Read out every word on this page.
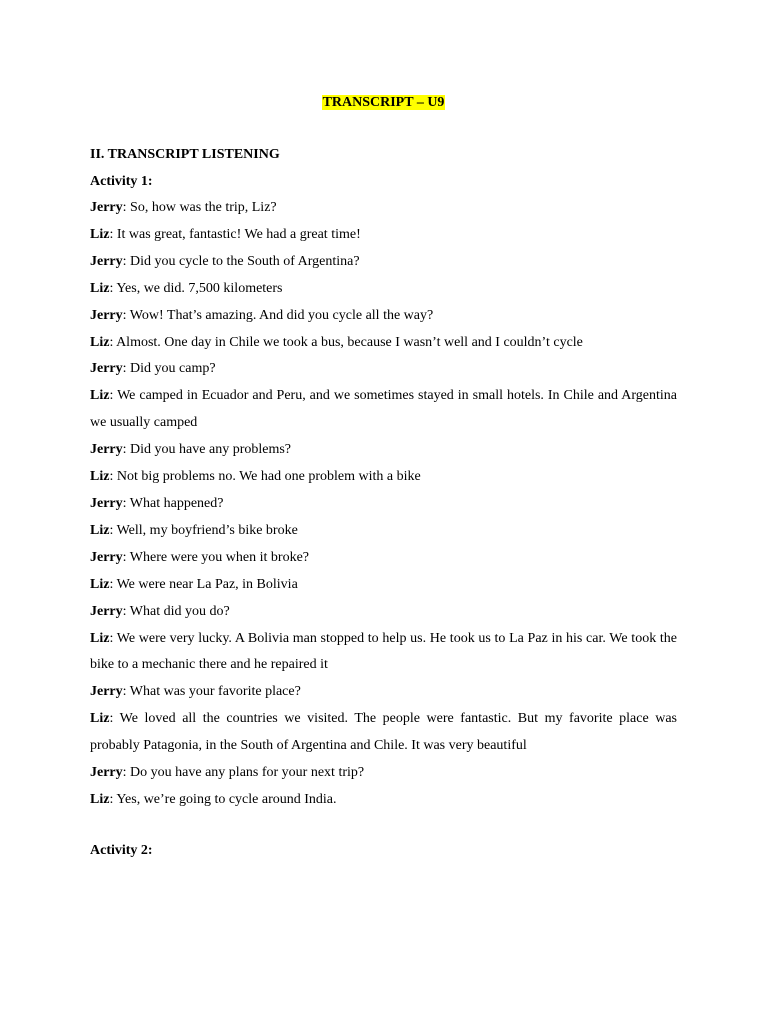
TRANSCRIPT – U9
II. TRANSCRIPT LISTENING
Activity 1:

Jerry: So, how was the trip, Liz?

Liz: It was great, fantastic! We had a great time!

Jerry: Did you cycle to the South of Argentina?

Liz: Yes, we did. 7,500 kilometers

Jerry: Wow! That’s amazing. And did you cycle all the way?

Liz: Almost. One day in Chile we took a bus, because I wasn’t well and I couldn’t cycle

Jerry: Did you camp?

Liz: We camped in Ecuador and Peru, and we sometimes stayed in small hotels. In Chile and Argentina we usually camped

Jerry: Did you have any problems?

Liz: Not big problems no. We had one problem with a bike

Jerry: What happened?

Liz: Well, my boyfriend’s bike broke

Jerry: Where were you when it broke?

Liz: We were near La Paz, in Bolivia

Jerry: What did you do?

Liz: We were very lucky. A Bolivia man stopped to help us. He took us to La Paz in his car. We took the bike to a mechanic there and he repaired it

Jerry: What was your favorite place?

Liz: We loved all the countries we visited. The people were fantastic. But my favorite place was probably Patagonia, in the South of Argentina and Chile. It was very beautiful

Jerry: Do you have any plans for your next trip?

Liz: Yes, we’re going to cycle around India.

Activity 2:
